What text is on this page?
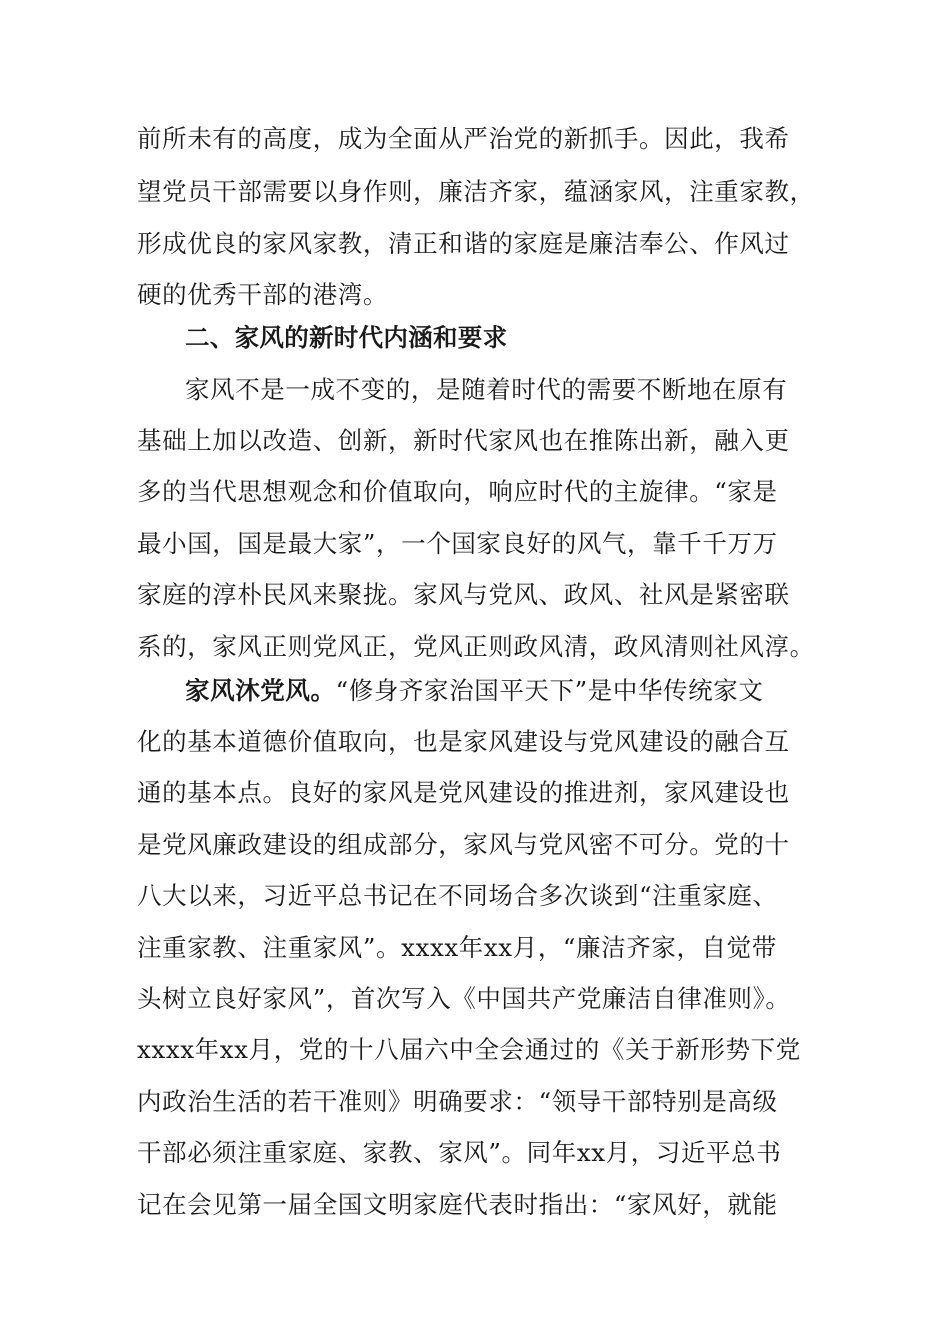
前所未有的高度，成为全面从严治党的新抓手。因此，我希
望党员干部需要以身作则，廉洁齐家，蕴涵家风，注重家教，
形成优良的家风家教，清正和谐的家庭是廉洁奉公、作风过
硬的优秀干部的港湾。
二、家风的新时代内涵和要求
家风不是一成不变的，是随着时代的需要不断地在原有
基础上加以改造、创新，新时代家风也在推陈出新，融入更
多的当代思想观念和价值取向，响应时代的主旋律。“家是
最小国，国是最大家”，一个国家良好的风气，靠千千万万
家庭的淳朴民风来聚拢。家风与党风、政风、社风是紧密联
系的，家风正则党风正，党风正则政风清，政风清则社风淳。
家风沐党风。“修身齐家治国平天下”是中华传统家文
化的基本道德价值取向，也是家风建设与党风建设的融合互
通的基本点。良好的家风是党风建设的推进剂，家风建设也
是党风廉政建设的组成部分，家风与党风密不可分。党的十
八大以来，习近平总书记在不同场合多次谈到“注重家庭、
注重家教、注重家风”。xxxx年xx月，“廉洁齐家，自觉带
头树立良好家风”，首次写入《中国共产党廉洁自律准则》。
xxxx年xx月，党的十八届六中全会通过的《关于新形势下党
内政治生活的若干准则》明确要求：“领导干部特别是高级
干部必须注重家庭、家教、家风”。同年xx月，习近平总书
记在会见第一届全国文明家庭代表时指出：“家风好，就能
